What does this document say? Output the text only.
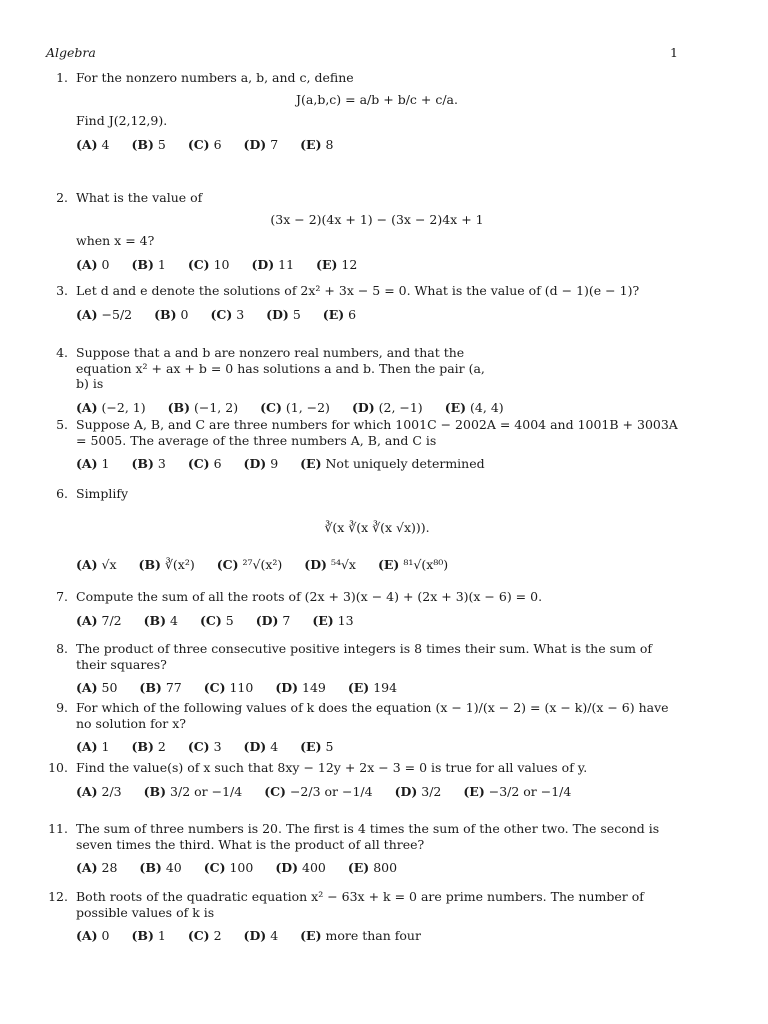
Algebra	1
1. For the nonzero numbers a, b, and c, define
J(a,b,c) = a/b + b/c + c/a.
Find J(2,12,9).
(A) 4 (B) 5 (C) 6 (D) 7 (E) 8
2. What is the value of
(3x − 2)(4x + 1) − (3x − 2)4x + 1
when x = 4?
(A) 0 (B) 1 (C) 10 (D) 11 (E) 12
3. Let d and e denote the solutions of 2x² + 3x − 5 = 0. What is the value of (d − 1)(e − 1)?
(A) −5/2 (B) 0 (C) 3 (D) 5 (E) 6
4. Suppose that a and b are nonzero real numbers, and that the equation x² + ax + b = 0 has solutions a and b. Then the pair (a, b) is
(A) (−2, 1) (B) (−1, 2) (C) (1, −2) (D) (2, −1) (E) (4, 4)
5. Suppose A, B, and C are three numbers for which 1001C − 2002A = 4004 and 1001B + 3003A = 5005. The average of the three numbers A, B, and C is
(A) 1 (B) 3 (C) 6 (D) 9 (E) Not uniquely determined
6. Simplify
∛(x ∛(x ∛(x √x))).
(A) √x (B) ∛(x²) (C) ²⁷√(x²) (D) ⁵⁴√x (E) ⁸¹√(x⁸⁰)
7. Compute the sum of all the roots of (2x + 3)(x − 4) + (2x + 3)(x − 6) = 0.
(A) 7/2 (B) 4 (C) 5 (D) 7 (E) 13
8. The product of three consecutive positive integers is 8 times their sum. What is the sum of their squares?
(A) 50 (B) 77 (C) 110 (D) 149 (E) 194
9. For which of the following values of k does the equation (x − 1)/(x − 2) = (x − k)/(x − 6) have no solution for x?
(A) 1 (B) 2 (C) 3 (D) 4 (E) 5
10. Find the value(s) of x such that 8xy − 12y + 2x − 3 = 0 is true for all values of y.
(A) 2/3 (B) 3/2 or −1/4 (C) −2/3 or −1/4 (D) 3/2 (E) −3/2 or −1/4
11. The sum of three numbers is 20. The first is 4 times the sum of the other two. The second is seven times the third. What is the product of all three?
(A) 28 (B) 40 (C) 100 (D) 400 (E) 800
12. Both roots of the quadratic equation x² − 63x + k = 0 are prime numbers. The number of possible values of k is
(A) 0 (B) 1 (C) 2 (D) 4 (E) more than four
